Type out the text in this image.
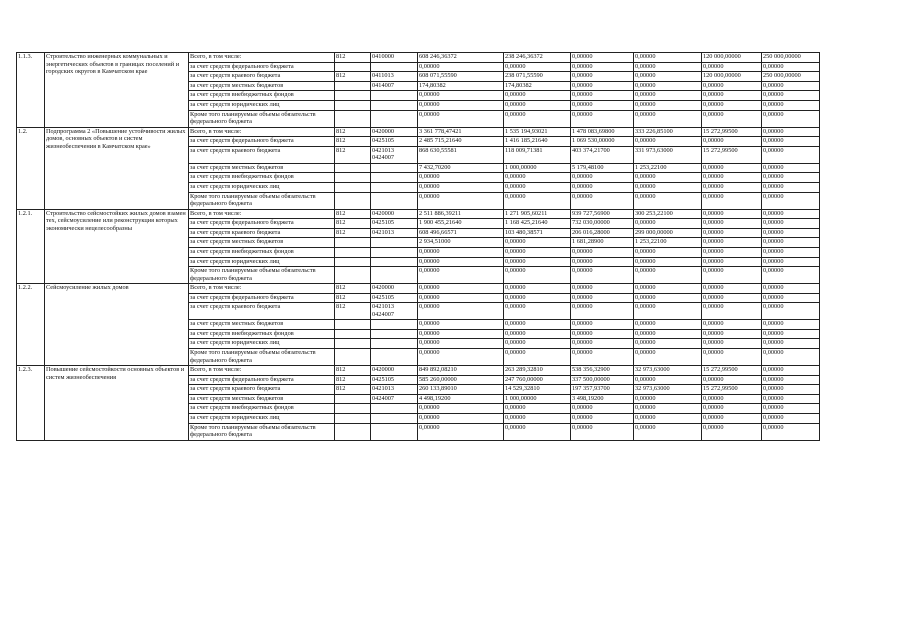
1.1.3.	Строительство инженерных коммунальных и энергетических объектов в границах поселений и городских округов в Камчатском крае	Всего, в том числе:	812	0410000	608 246,36372	238 246,36372	0,00000	0,00000	120 000,00000	250 000,00000
		за счет средств федерального бюджета			0,00000	0,00000	0,00000	0,00000	0,00000	0,00000
		за счет средств краевого бюджета	812	0411013	608 071,55590	238 071,55590	0,00000	0,00000	120 000,00000	250 000,00000
		за счет средств местных бюджетов		0414007	174,80382	174,80382	0,00000	0,00000	0,00000	0,00000
		за счет средств внебюджетных фондов			0,00000	0,00000	0,00000	0,00000	0,00000	0,00000
		за счет средств юридических лиц			0,00000	0,00000	0,00000	0,00000	0,00000	0,00000
		Кроме того планируемые объемы обязательств федерального бюджета			0,00000	0,00000	0,00000	0,00000	0,00000	0,00000
1.2.	Подпрограмма 2 «Повышение устойчивости жилых домов, основных объектов и систем жизнеобеспечения в Камчатском крае»	Всего, в том числе:	812	0420000	3 361 778,47421	1 535 194,93021	1 478 083,69800	333 226,85100	15 272,99500	0,00000
		за счет средств федерального бюджета	812	0425105	2 485 715,21640	1 416 185,21640	1 069 530,00000	0,00000	0,00000	0,00000
		за счет средств краевого бюджета	812	0421013 0424007	868 630,55581	118 009,71381	403 374,21700	331 973,63000	15 272,99500	0,00000
		за счет средств местных бюджетов			7 432,70200	1 000,00000	5 179,48100	1 253,22100	0,00000	0,00000
		за счет средств внебюджетных фондов			0,00000	0,00000	0,00000	0,00000	0,00000	0,00000
		за счет средств юридических лиц			0,00000	0,00000	0,00000	0,00000	0,00000	0,00000
		Кроме того планируемые объемы обязательств федерального бюджета			0,00000	0,00000	0,00000	0,00000	0,00000	0,00000
1.2.1.	Строительство сейсмостойких жилых домов взамен тех, сейсмоусиление или реконструкция которых экономически нецелесообразны	Всего, в том числе:	812	0420000	2 511 886,39211	1 271 905,60211	939 727,56900	300 253,22100	0,00000	0,00000
		за счет средств федерального бюджета	812	0425105	1 900 455,21640	1 168 425,21640	732 030,00000	0,00000	0,00000	0,00000
		за счет средств краевого бюджета	812	0421013	608 496,66571	103 480,38571	206 016,28000	299 000,00000	0,00000	0,00000
		за счет средств местных бюджетов			2 934,51000	0,00000	1 681,28900	1 253,22100	0,00000	0,00000
		за счет средств внебюджетных фондов			0,00000	0,00000	0,00000	0,00000	0,00000	0,00000
		за счет средств юридических лиц			0,00000	0,00000	0,00000	0,00000	0,00000	0,00000
		Кроме того планируемые объемы обязательств федерального бюджета			0,00000	0,00000	0,00000	0,00000	0,00000	0,00000
1.2.2.	Сейсмоусиление жилых домов	Всего, в том числе:	812	0420000	0,00000	0,00000	0,00000	0,00000	0,00000	0,00000
		за счет средств федерального бюджета	812	0425105	0,00000	0,00000	0,00000	0,00000	0,00000	0,00000
		за счет средств краевого бюджета	812	0421013 0424007	0,00000	0,00000	0,00000	0,00000	0,00000	0,00000
		за счет средств местных бюджетов			0,00000	0,00000	0,00000	0,00000	0,00000	0,00000
		за счет средств внебюджетных фондов			0,00000	0,00000	0,00000	0,00000	0,00000	0,00000
		за счет средств юридических лиц			0,00000	0,00000	0,00000	0,00000	0,00000	0,00000
		Кроме того планируемые объемы обязательств федерального бюджета			0,00000	0,00000	0,00000	0,00000	0,00000	0,00000
1.2.3.	Повышение сейсмостойкости основных объектов и систем жизнеобеспечения	Всего, в том числе:	812	0420000	849 892,08210	263 289,32810	538 356,32900	32 973,63000	15 272,99500	0,00000
		за счет средств федерального бюджета	812	0425105	585 260,00000	247 760,00000	337 500,00000	0,00000	0,00000	0,00000
		за счет средств краевого бюджета	812	0421013	260 133,89010	14 529,32810	197 357,93700	32 973,63000	15 272,99500	0,00000
		за счет средств местных бюджетов		0424007	4 498,19200	1 000,00000	3 498,19200	0,00000	0,00000	0,00000
		за счет средств внебюджетных фондов			0,00000	0,00000	0,00000	0,00000	0,00000	0,00000
		за счет средств юридических лиц			0,00000	0,00000	0,00000	0,00000	0,00000	0,00000
		Кроме того планируемые объемы обязательств федерального бюджета			0,00000	0,00000	0,00000	0,00000	0,00000	0,00000
